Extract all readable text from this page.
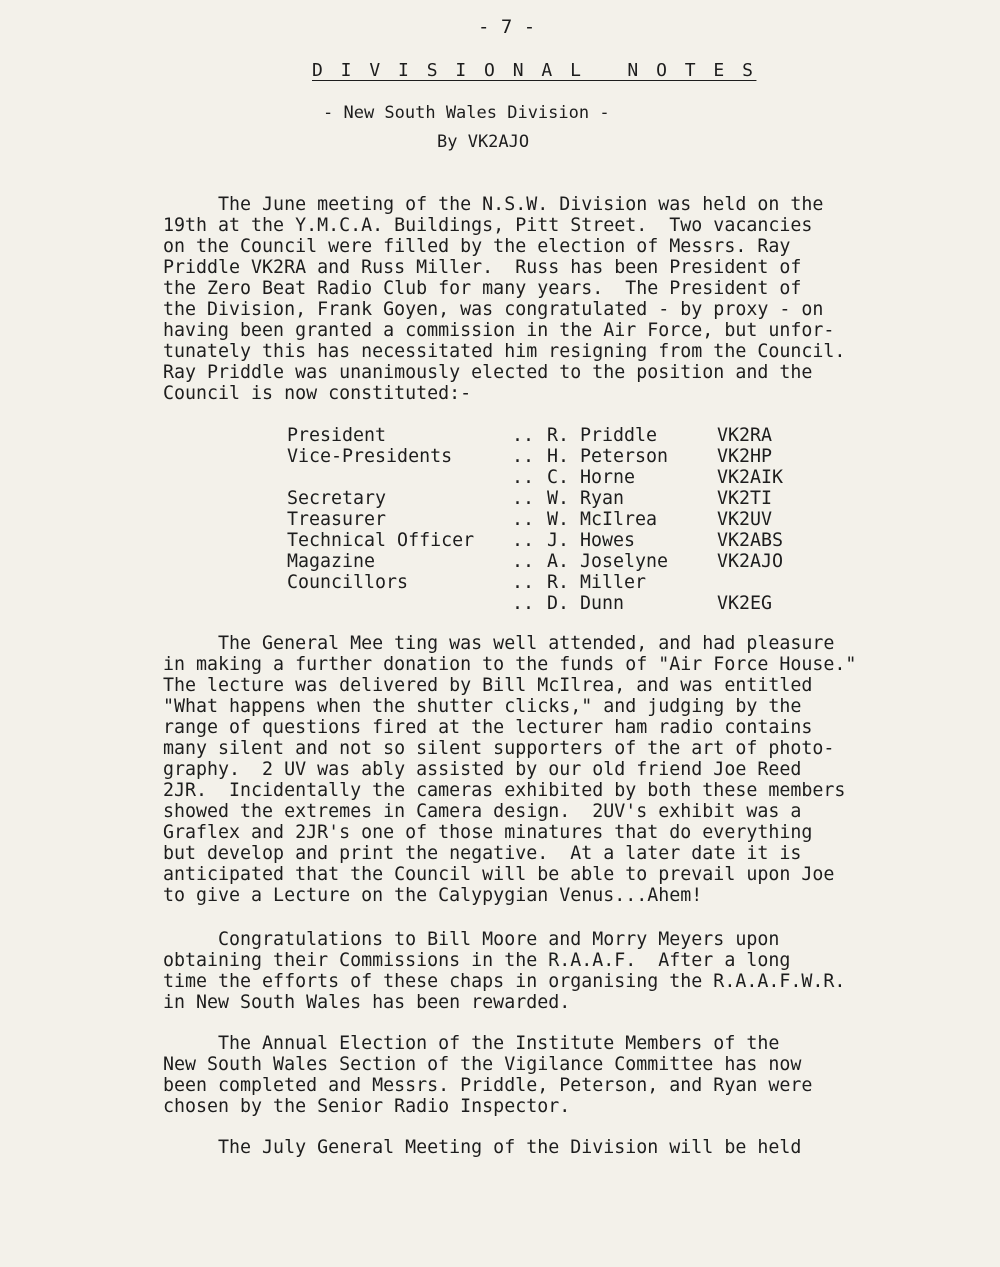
- 7 -
D I V I S I O N A L   N O T E S
- New South Wales Division -
By VK2AJO
The June meeting of the N.S.W. Division was held on the
19th at the Y.M.C.A. Buildings, Pitt Street.  Two vacancies
on the Council were filled by the election of Messrs. Ray
Priddle VK2RA and Russ Miller.  Russ has been President of
the Zero Beat Radio Club for many years.  The President of
the Division, Frank Goyen, was congratulated - by proxy - on
having been granted a commission in the Air Force, but unfor-
tunately this has necessitated him resigning from the Council.
Ray Priddle was unanimously elected to the position and the
Council is now constituted:-
President	.. R. Priddle	VK2RA
Vice-Presidents	.. H. Peterson	VK2HP
.. C. Horne	VK2AIK
Secretary	.. W. Ryan	VK2TI
Treasurer	.. W. McIlrea	VK2UV
Technical Officer	.. J. Howes	VK2ABS
Magazine	.. A. Joselyne	VK2AJO
Councillors	.. R. Miller
.. D. Dunn	VK2EG
The General Mee ting was well attended, and had pleasure
in making a further donation to the funds of "Air Force House."
The lecture was delivered by Bill McIlrea, and was entitled
"What happens when the shutter clicks," and judging by the
range of questions fired at the lecturer ham radio contains
many silent and not so silent supporters of the art of photo-
graphy.  2 UV was ably assisted by our old friend Joe Reed
2JR.  Incidentally the cameras exhibited by both these members
showed the extremes in Camera design.  2UV's exhibit was a
Graflex and 2JR's one of those minatures that do everything
but develop and print the negative.  At a later date it is
anticipated that the Council will be able to prevail upon Joe
to give a Lecture on the Calypygian Venus...Ahem!
Congratulations to Bill Moore and Morry Meyers upon
obtaining their Commissions in the R.A.A.F.  After a long
time the efforts of these chaps in organising the R.A.A.F.W.R.
in New South Wales has been rewarded.
The Annual Election of the Institute Members of the
New South Wales Section of the Vigilance Committee has now
been completed and Messrs. Priddle, Peterson, and Ryan were
chosen by the Senior Radio Inspector.
The July General Meeting of the Division will be held
